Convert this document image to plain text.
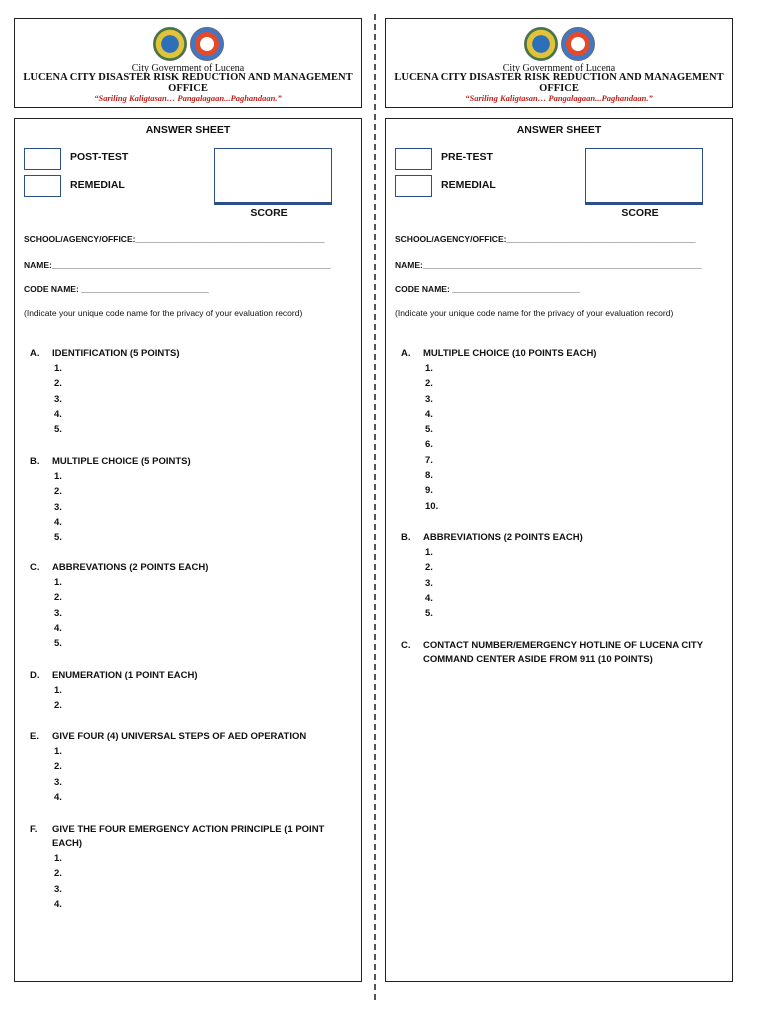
City Government of Lucena
LUCENA CITY DISASTER RISK REDUCTION AND MANAGEMENT OFFICE
“Sariling Kaligtasan… Pangalagaan...Paghandaan.”
ANSWER SHEET
POST-TEST
REMEDIAL
SCORE
SCHOOL/AGENCY/OFFICE:________________________________________
NAME:___________________________________________________________
CODE NAME: ___________________________
(Indicate your unique code name for the privacy of your evaluation record)
A.	IDENTIFICATION (5 POINTS)
1.
2.
3.
4.
5.
B.	MULTIPLE CHOICE (5 POINTS)
1.
2.
3.
4.
5.
C.	ABBREVATIONS (2 POINTS EACH)
1.
2.
3.
4.
5.
D.	ENUMERATION (1 POINT EACH)
1.
2.
E.	GIVE FOUR (4) UNIVERSAL STEPS OF AED OPERATION
1.
2.
3.
4.
F.	GIVE THE FOUR EMERGENCY ACTION PRINCIPLE (1 POINT EACH)
1.
2.
3.
4.
City Government of Lucena
LUCENA CITY DISASTER RISK REDUCTION AND MANAGEMENT OFFICE
“Sariling Kaligtasan… Pangalagaan...Paghandaan.”
ANSWER SHEET
PRE-TEST
REMEDIAL
SCORE
SCHOOL/AGENCY/OFFICE:________________________________________
NAME:___________________________________________________________
CODE NAME: ___________________________
(Indicate your unique code name for the privacy of your evaluation record)
A.	MULTIPLE CHOICE (10 POINTS EACH)
1.
2.
3.
4.
5.
6.
7.
8.
9.
10.
B.	ABBREVIATIONS (2 POINTS EACH)
1.
2.
3.
4.
5.
C.	CONTACT NUMBER/EMERGENCY HOTLINE OF LUCENA CITY COMMAND CENTER ASIDE FROM 911 (10 POINTS)
